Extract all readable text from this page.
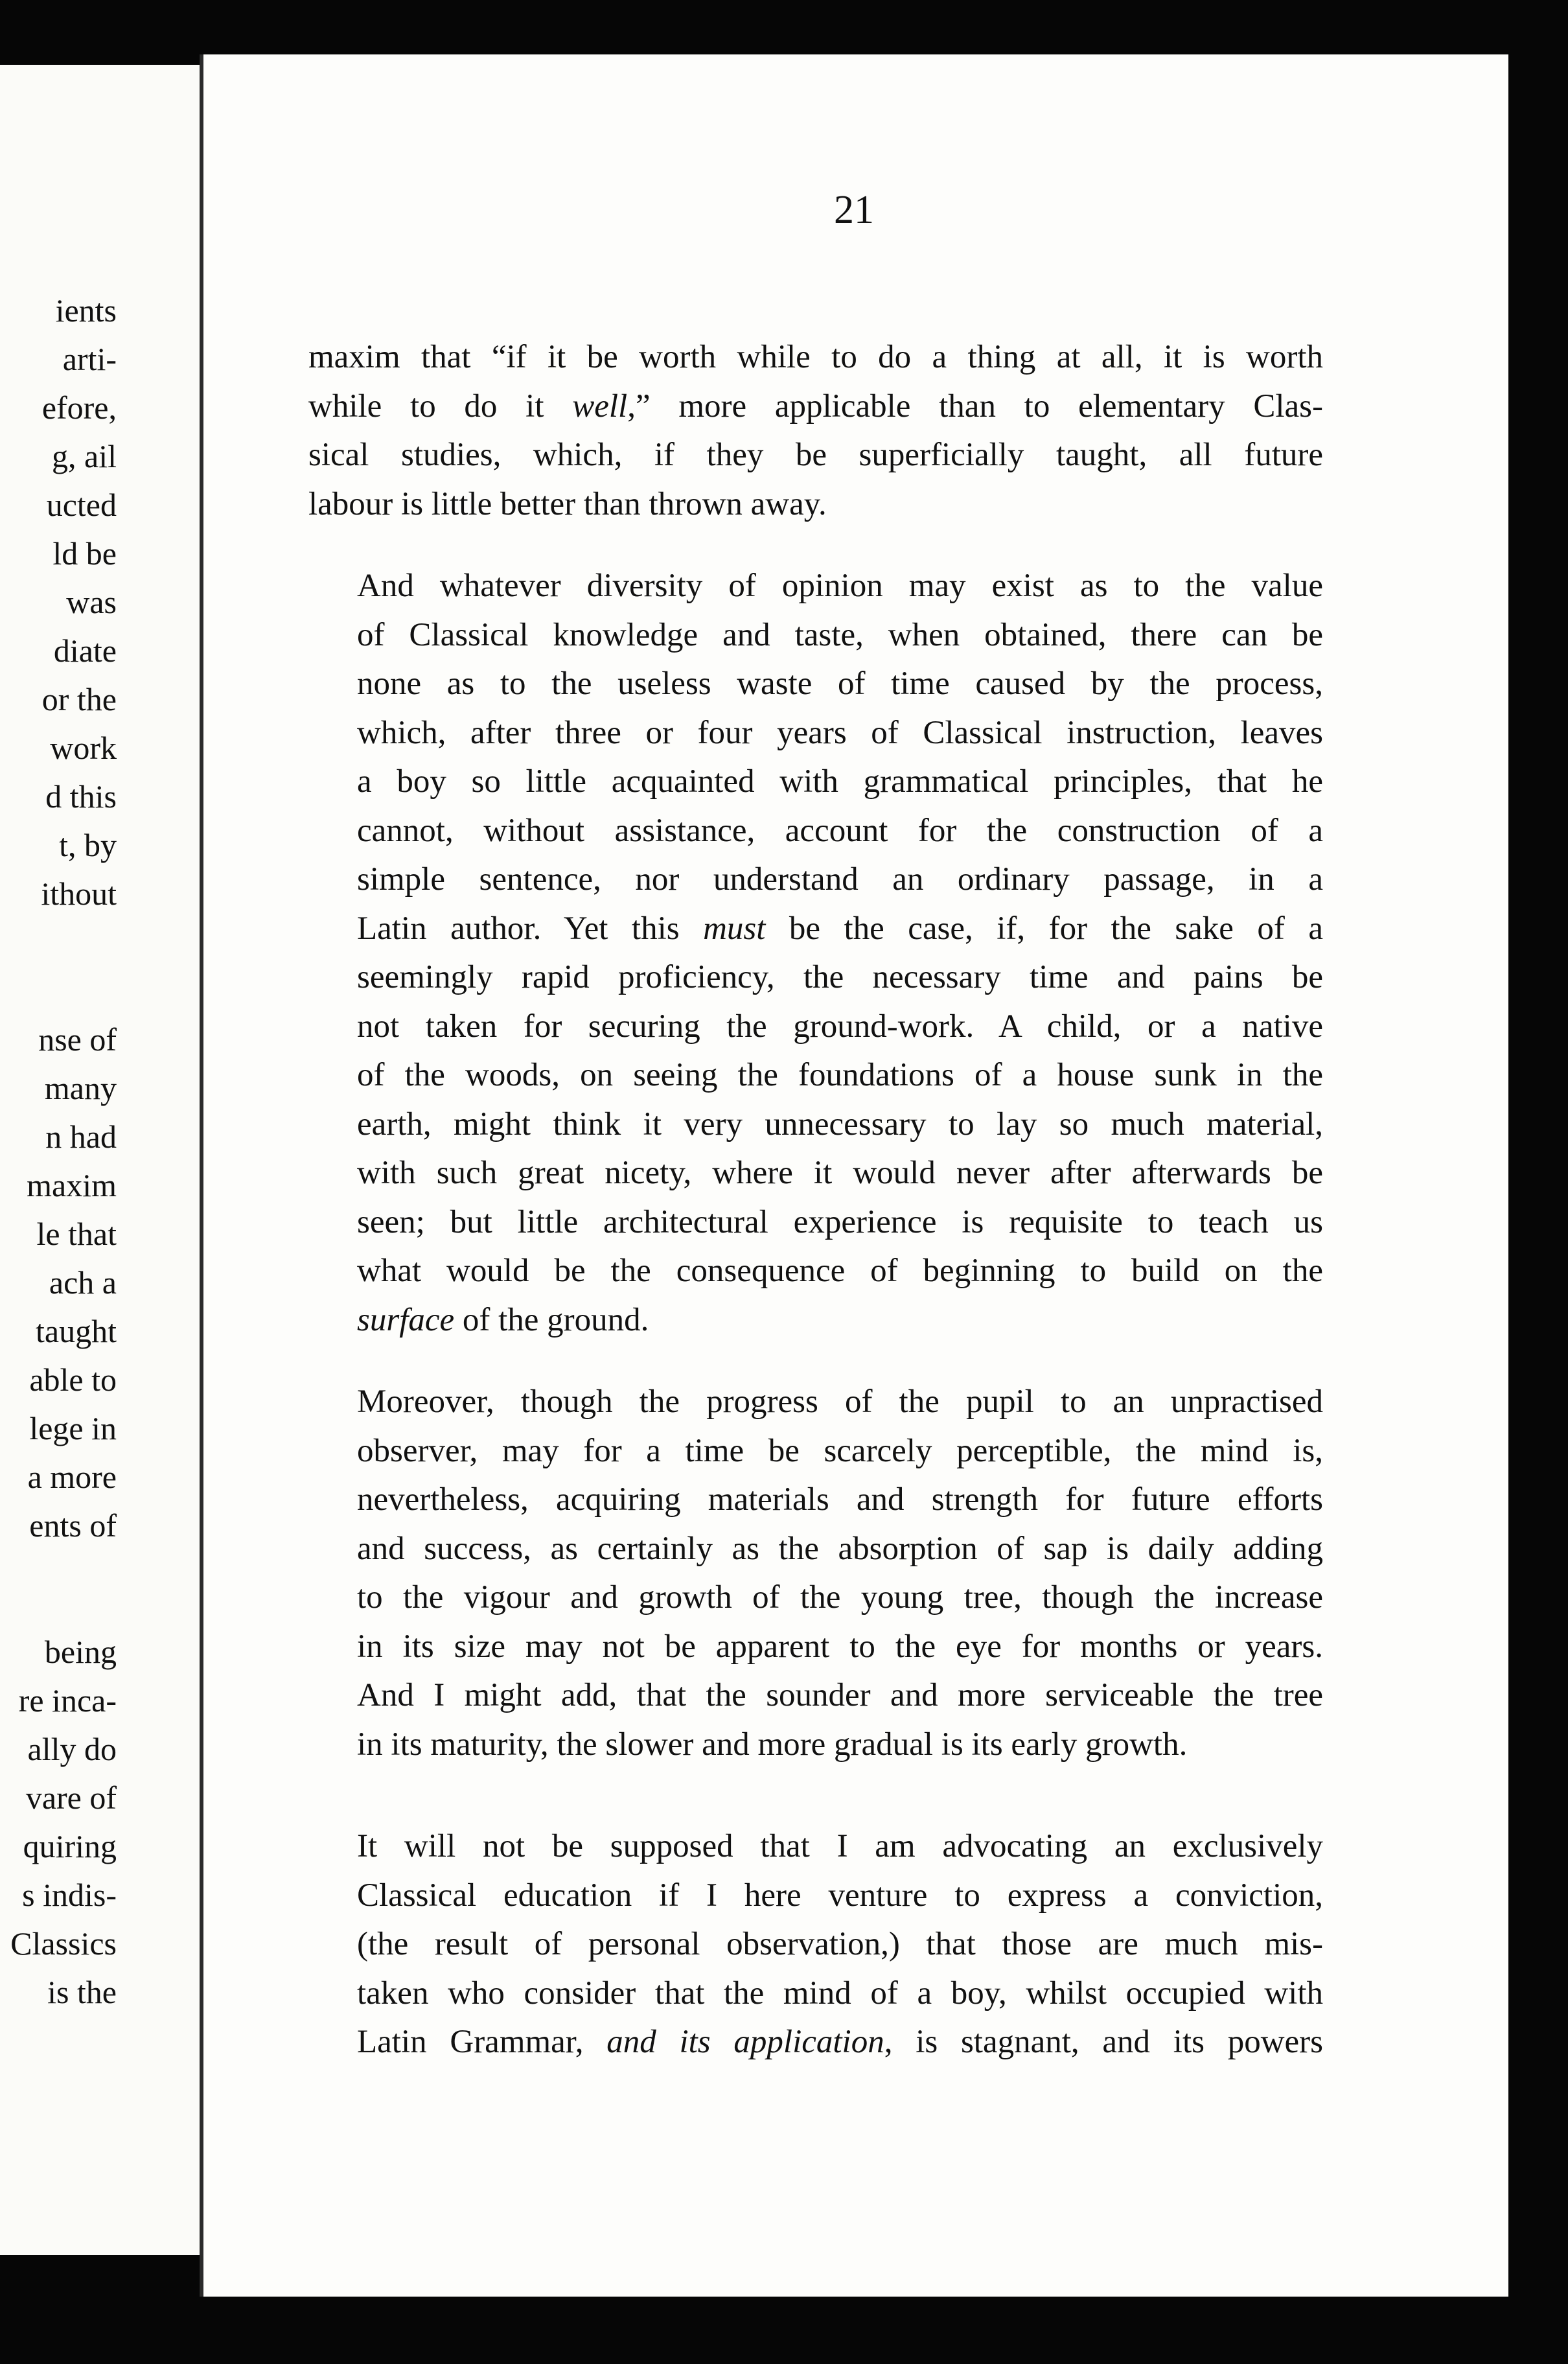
ients
arti-
efore,
g, ail
ucted
ld be
was
diate
or the
work
d this
t, by
ithout
nse of
many
n had
maxim
le that
ach a
taught
able to
lege in
a more
ents of
being
re inca-
ally do
vare of
quiring
s indis-
Classics
is the
21
maxim that “if it be worth while to do a thing at all, it is worth
while to do it well,” more applicable than to elementary Clas-
sical studies, which, if they be superficially taught, all future
labour is little better than thrown away.
And whatever diversity of opinion may exist as to the value
of Classical knowledge and taste, when obtained, there can be
none as to the useless waste of time caused by the process,
which, after three or four years of Classical instruction, leaves
a boy so little acquainted with grammatical principles, that he
cannot, without assistance, account for the construction of a
simple sentence, nor understand an ordinary passage, in a
Latin author. Yet this must be the case, if, for the sake of a
seemingly rapid proficiency, the necessary time and pains be
not taken for securing the ground-work. A child, or a native
of the woods, on seeing the foundations of a house sunk in the
earth, might think it very unnecessary to lay so much material,
with such great nicety, where it would never after afterwards be
seen; but little architectural experience is requisite to teach us
what would be the consequence of beginning to build on the
surface of the ground.
Moreover, though the progress of the pupil to an unpractised
observer, may for a time be scarcely perceptible, the mind is,
nevertheless, acquiring materials and strength for future efforts
and success, as certainly as the absorption of sap is daily adding
to the vigour and growth of the young tree, though the increase
in its size may not be apparent to the eye for months or years.
And I might add, that the sounder and more serviceable the tree
in its maturity, the slower and more gradual is its early growth.
It will not be supposed that I am advocating an exclusively
Classical education if I here venture to express a conviction,
(the result of personal observation,) that those are much mis-
taken who consider that the mind of a boy, whilst occupied with
Latin Grammar, and its application, is stagnant, and its powers
